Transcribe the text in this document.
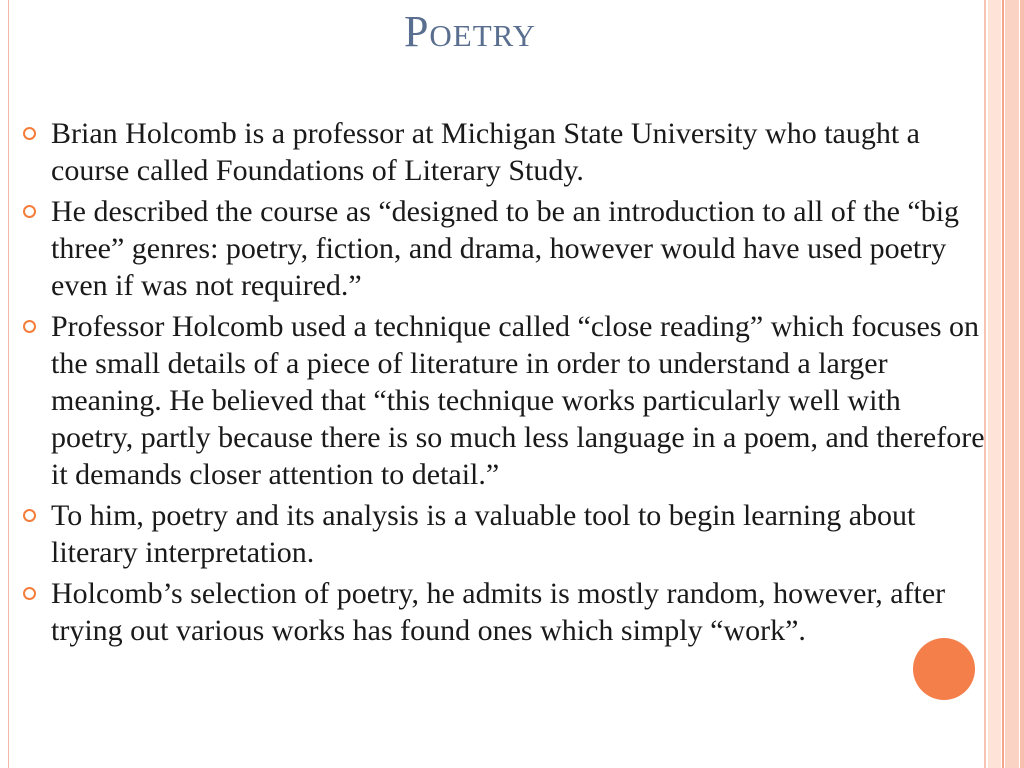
Poetry
Brian Holcomb is a professor at Michigan State University who taught a course called Foundations of Literary Study.
He described the course as “designed to be an introduction to all of the “big three” genres: poetry, fiction, and drama, however would have used poetry even if was not required.”
Professor Holcomb used a technique called “close reading” which focuses on the small details of a piece of literature in order to understand a larger meaning. He believed that “this technique works particularly well with poetry, partly because there is so much less language in a poem, and therefore it demands closer attention to detail.”
To him, poetry and its analysis is a valuable tool to begin learning about literary interpretation.
Holcomb’s selection of poetry, he admits is mostly random, however, after trying out various works has found ones which simply “work”.
